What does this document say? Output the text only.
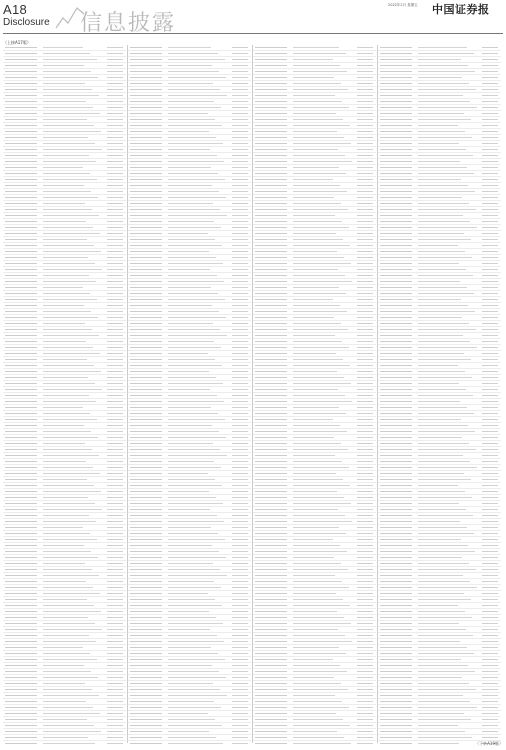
A18
Disclosure 信息披露
2022年2月 星期五 中国证券报
（上接A17版）
（下转A19版）
